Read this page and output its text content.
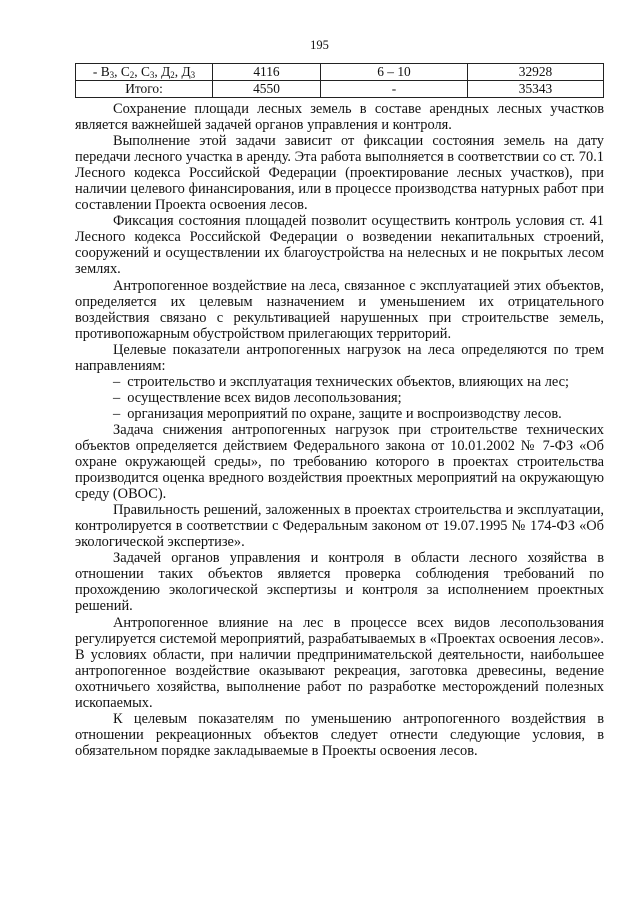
195
- $В_3$, $С_2$, $С_3$, $Д_2$, $Д_3$	4116	6 – 10	32928
Итого:	4550	-	35343

Сохранение площади лесных земель в составе арендных лесных участков является важнейшей задачей органов управления и контроля.

Выполнение этой задачи зависит от фиксации состояния земель на дату передачи лесного участка в аренду. Эта работа выполняется в соответствии со ст. 70.1 Лесного кодекса Российской Федерации (проектирование лесных участков), при наличии целевого финансирования, или в процессе производства натурных работ при составлении Проекта освоения лесов.

Фиксация состояния площадей позволит осуществить контроль условия ст. 41 Лесного кодекса Российской Федерации о возведении некапитальных строений, сооружений и осуществлении их благоустройства на нелесных и не покрытых лесом землях.

Антропогенное воздействие на леса, связанное с эксплуатацией этих объектов, определяется их целевым назначением и уменьшением их отрицательного воздействия связано с рекультивацией нарушенных при строительстве земель, противопожарным обустройством прилегающих территорий.

Целевые показатели антропогенных нагрузок на леса определяются по трем направлениям:

– строительство и эксплуатация технических объектов, влияющих на лес;

– осуществление всех видов лесопользования;

– организация мероприятий по охране, защите и воспроизводству лесов.

Задача снижения антропогенных нагрузок при строительстве технических объектов определяется действием Федерального закона от 10.01.2002 № 7-ФЗ «Об охране окружающей среды», по требованию которого в проектах строительства производится оценка вредного воздействия проектных мероприятий на окружающую среду (ОВОС).

Правильность решений, заложенных в проектах строительства и эксплуатации, контролируется в соответствии с Федеральным законом от 19.07.1995 № 174-ФЗ «Об экологической экспертизе».

Задачей органов управления и контроля в области лесного хозяйства в отношении таких объектов является проверка соблюдения требований по прохождению экологической экспертизы и контроля за исполнением проектных решений.

Антропогенное влияние на лес в процессе всех видов лесопользования регулируется системой мероприятий, разрабатываемых в «Проектах освоения лесов». В условиях области, при наличии предпринимательской деятельности, наибольшее антропогенное воздействие оказывают рекреация, заготовка древесины, ведение охотничьего хозяйства, выполнение работ по разработке месторождений полезных ископаемых.

К целевым показателям по уменьшению антропогенного воздействия в отношении рекреационных объектов следует отнести следующие условия, в обязательном порядке закладываемые в Проекты освоения лесов.
